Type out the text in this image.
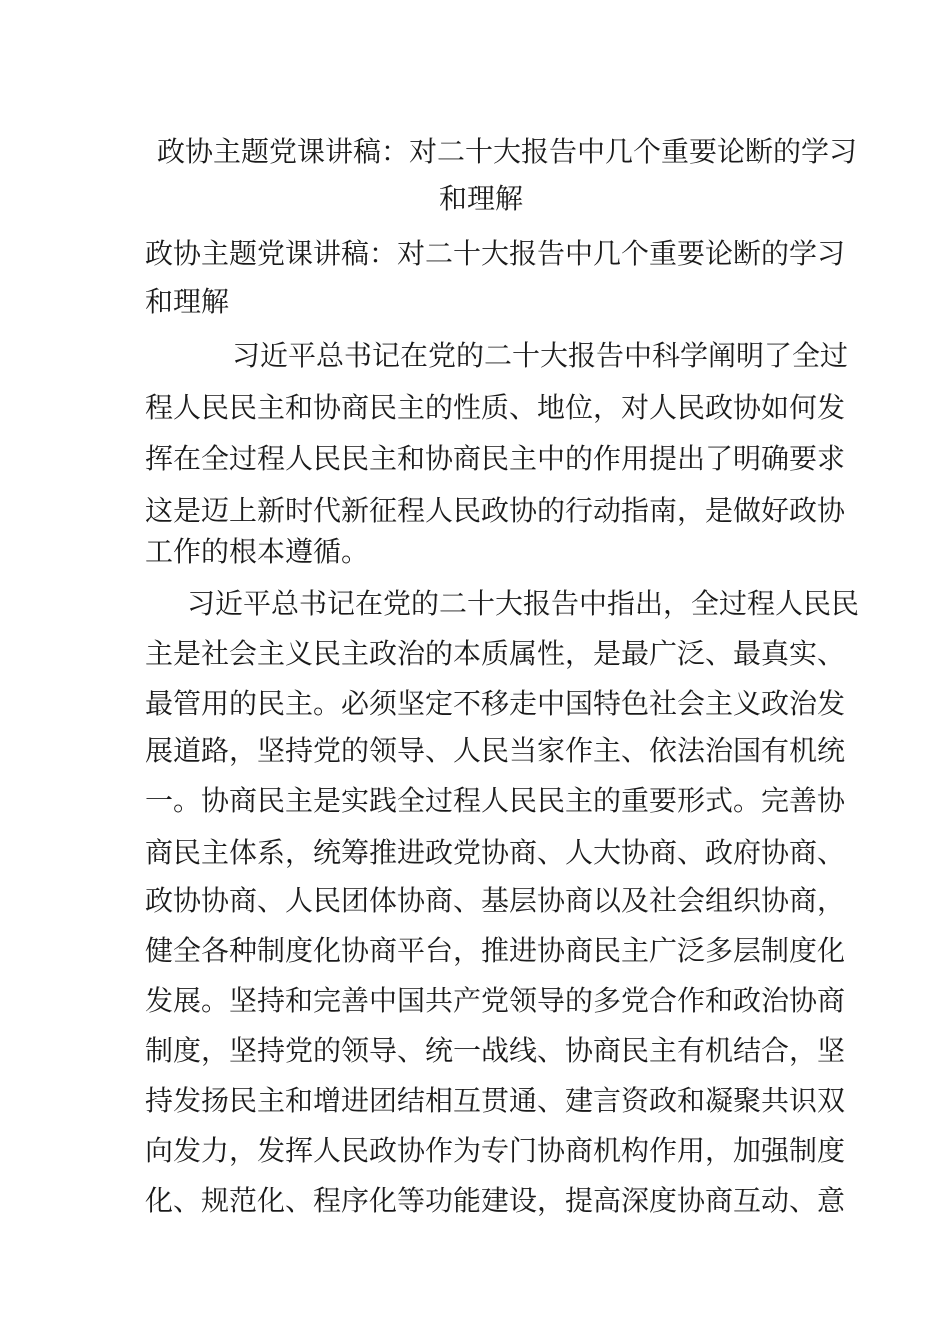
政协主题党课讲稿：对二十大报告中几个重要论断的学习
和理解
政协主题党课讲稿：对二十大报告中几个重要论断的学习
和理解
习近平总书记在党的二十大报告中科学阐明了全过
程人民民主和协商民主的性质、地位，对人民政协如何发
挥在全过程人民民主和协商民主中的作用提出了明确要求
这是迈上新时代新征程人民政协的行动指南，是做好政协
工作的根本遵循。
习近平总书记在党的二十大报告中指出，全过程人民民
主是社会主义民主政治的本质属性，是最广泛、最真实、
最管用的民主。必须坚定不移走中国特色社会主义政治发
展道路，坚持党的领导、人民当家作主、依法治国有机统
一。协商民主是实践全过程人民民主的重要形式。完善协
商民主体系，统筹推进政党协商、人大协商、政府协商、
政协协商、人民团体协商、基层协商以及社会组织协商，
健全各种制度化协商平台，推进协商民主广泛多层制度化
发展。坚持和完善中国共产党领导的多党合作和政治协商
制度，坚持党的领导、统一战线、协商民主有机结合，坚
持发扬民主和增进团结相互贯通、建言资政和凝聚共识双
向发力，发挥人民政协作为专门协商机构作用，加强制度
化、规范化、程序化等功能建设，提高深度协商互动、意
